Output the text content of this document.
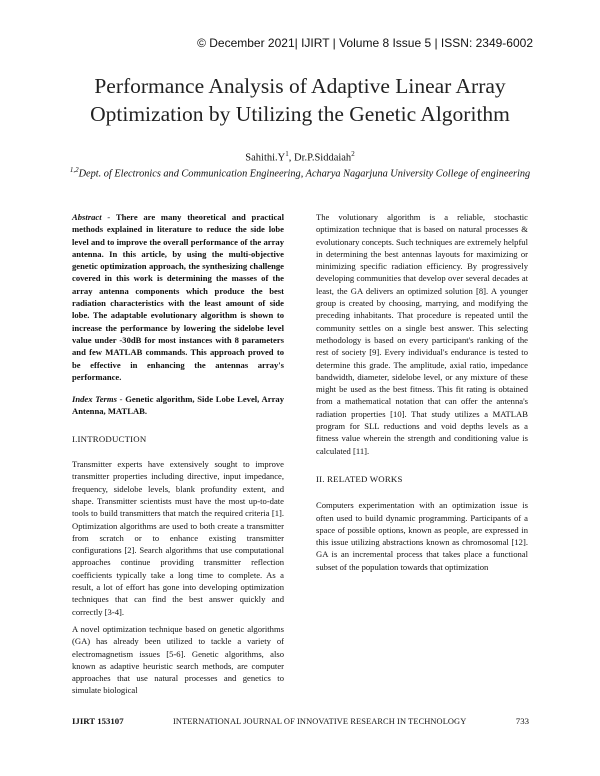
© December 2021| IJIRT | Volume 8 Issue 5 | ISSN: 2349-6002
Performance Analysis of Adaptive Linear Array
Optimization by Utilizing the Genetic Algorithm
$Sahithi.Y^1$, Dr.P.Siddaiah$^2$
$^{1,2}$Dept. of Electronics and Communication Engineering, Acharya Nagarjuna University College of engineering

Abstract - There are many theoretical and practical methods explained in literature to reduce the side lobe level and to improve the overall performance of the array antenna. In this article, by using the multi-objective genetic optimization approach, the synthesizing challenge covered in this work is determining the masses of the array antenna components which produce the best radiation characteristics with the least amount of side lobe. The adaptable evolutionary algorithm is shown to increase the performance by lowering the sidelobe level value under -30dB for most instances with 8 parameters and few MATLAB commands. This approach proved to be effective in enhancing the antennas array's performance.

Index Terms - Genetic algorithm, Side Lobe Level, Array Antenna, MATLAB.

I.INTRODUCTION

Transmitter experts have extensively sought to improve transmitter properties including directive, input impedance, frequency, sidelobe levels, blank profundity extent, and shape. Transmitter scientists must have the most up-to-date tools to build transmitters that match the required criteria [1]. Optimization algorithms are used to both create a transmitter from scratch or to enhance existing transmitter configurations [2]. Search algorithms that use computational approaches continue providing transmitter reflection coefficients typically take a long time to complete. As a result, a lot of effort has gone into developing optimization techniques that can find the best answer quickly and correctly [3-4].

A novel optimization technique based on genetic algorithms (GA) has already been utilized to tackle a variety of electromagnetism issues [5-6]. Genetic algorithms, also known as adaptive heuristic search methods, are computer approaches that use natural processes and genetics to simulate biological

The volutionary algorithm is a reliable, stochastic optimization technique that is based on natural processes & evolutionary concepts. Such techniques are extremely helpful in determining the best antennas layouts for maximizing or minimizing specific radiation efficiency. By progressively developing communities that develop over several decades at least, the GA delivers an optimized solution [8]. A younger group is created by choosing, marrying, and modifying the preceding inhabitants. That procedure is repeated until the community settles on a single best answer. This selecting methodology is based on every participant's ranking of the rest of society [9]. Every individual's endurance is tested to determine this grade. The amplitude, axial ratio, impedance bandwidth, diameter, sidelobe level, or any mixture of these might be used as the best fitness. This fit rating is obtained from a mathematical notation that can offer the antenna's radiation properties [10]. That study utilizes a MATLAB program for SLL reductions and void depths levels as a fitness value wherein the strength and conditioning value is calculated [11].

II. RELATED WORKS

Computers experimentation with an optimization issue is often used to build dynamic programming. Participants of a space of possible options, known as people, are expressed in this issue utilizing abstractions known as chromosomal [12]. GA is an incremental process that takes place a functional subset of the population towards that optimization

IJIRT 153107	INTERNATIONAL JOURNAL OF INNOVATIVE RESEARCH IN TECHNOLOGY	733
